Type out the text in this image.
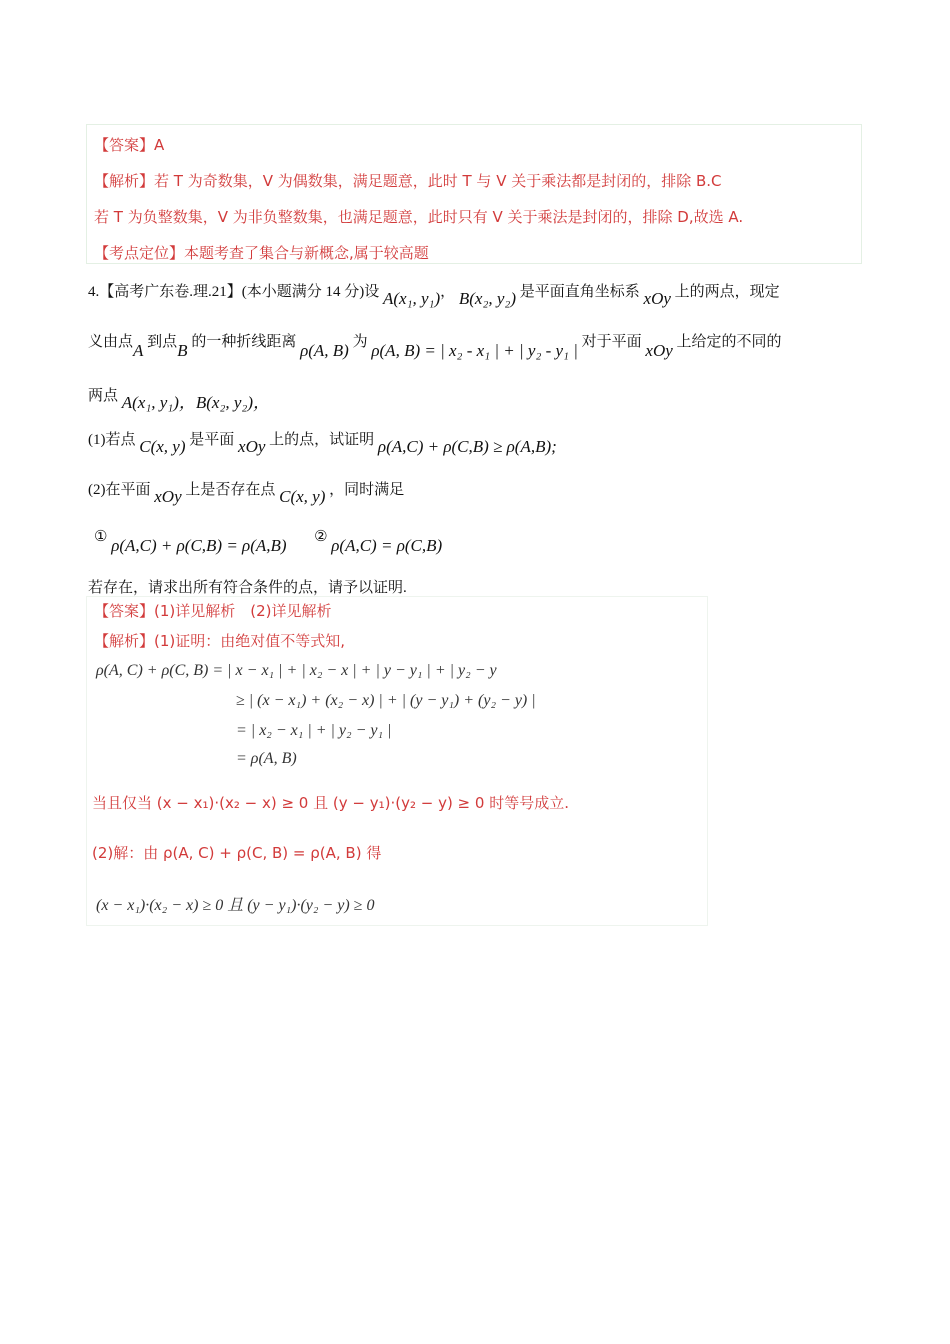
【答案】A
【解析】若 T 为奇数集，V 为偶数集，满足题意，此时 T 与 V 关于乘法都是封闭的，排除 B.C
若 T 为负整数集，V 为非负整数集，也满足题意，此时只有 V 关于乘法是封闭的，排除 D,故选 A.
【考点定位】本题考查了集合与新概念,属于较高题
4.【高考广东卷.理.21】(本小题满分 14 分)设 A(x₁, y₁)， B(x₂, y₂) 是平面直角坐标系 xOy 上的两点，现定
义由点A 到点B 的一种折线距离 ρ(A, B) 为 ρ(A, B) = | x₂ - x₁ | + | y₂ - y₁ | 对于平面 xOy 上给定的不同的
两点 A(x₁, y₁)，B(x₂, y₂)，
(1)若点 C(x, y) 是平面 xOy 上的点，试证明 ρ(A,C) + ρ(C,B) ≥ ρ(A,B);
(2)在平面 xOy 上是否存在点 C(x, y) ，同时满足
① ρ(A,C) + ρ(C,B) = ρ(A,B) ② ρ(A,C) = ρ(C,B)
若存在，请求出所有符合条件的点，请予以证明.
【答案】(1)详见解析　(2)详见解析
【解析】(1)证明：由绝对值不等式知,
ρ(A, C) + ρ(C, B) = | x − x₁ | + | x₂ − x | + | y − y₁ | + | y₂ − y
≥ | (x − x₁) + (x₂ − x) | + | (y − y₁) + (y₂ − y) |
= | x₂ − x₁ | + | y₂ − y₁ |
= ρ(A, B)
当且仅当 (x − x₁)·(x₂ − x) ≥ 0 且 (y − y₁)·(y₂ − y) ≥ 0 时等号成立.
(2)解：由 ρ(A, C) + ρ(C, B) = ρ(A, B) 得
(x − x₁)·(x₂ − x) ≥ 0 且 (y − y₁)·(y₂ − y) ≥ 0
